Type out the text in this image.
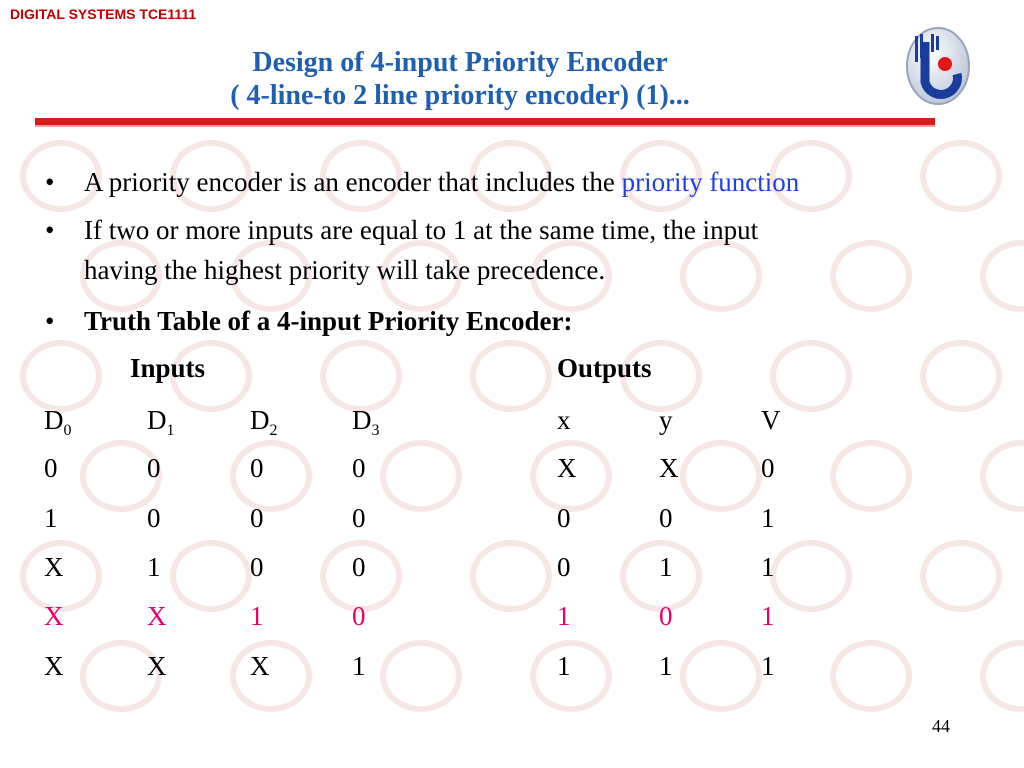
DIGITAL SYSTEMS TCE1111
Design of 4-input Priority Encoder
( 4-line-to 2 line priority encoder) (1)...
• A priority encoder is an encoder that includes the priority function
• If two or more inputs are equal to 1 at the same time, the input
having the highest priority will take precedence.
• Truth Table of a 4-input Priority Encoder:
Inputs	Outputs
$D_0$	$D_1$	$D_2$	$D_3$	x	y	V
0	0	0	0	X	X	0
1	0	0	0	0	0	1
X	1	0	0	0	1	1
X	X	1	0	1	0	1
X	X	X	1	1	1	1
44
